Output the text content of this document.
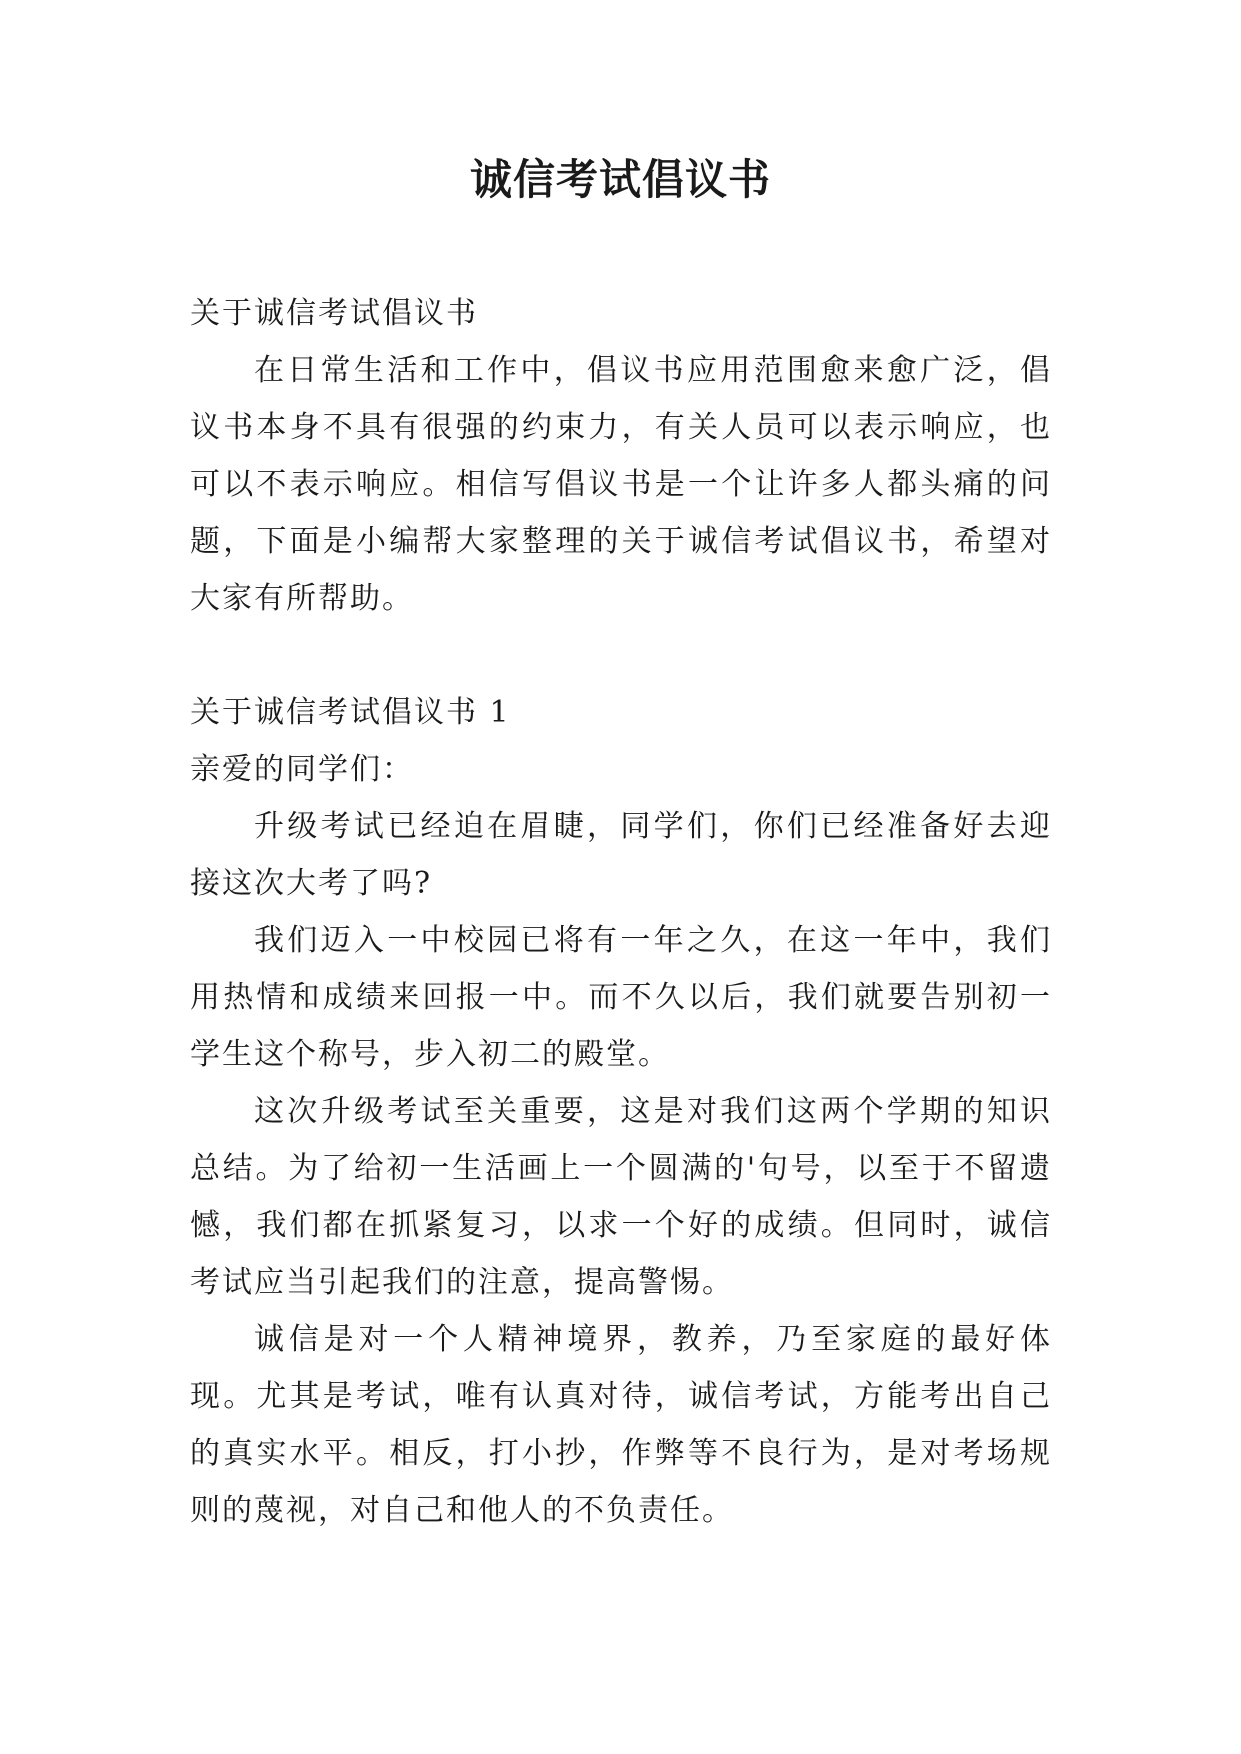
诚信考试倡议书

关于诚信考试倡议书

在日常生活和工作中，倡议书应用范围愈来愈广泛，倡议书本身不具有很强的约束力，有关人员可以表示响应，也可以不表示响应。相信写倡议书是一个让许多人都头痛的问题，下面是小编帮大家整理的关于诚信考试倡议书，希望对大家有所帮助。

关于诚信考试倡议书 1

亲爱的同学们：

升级考试已经迫在眉睫，同学们，你们已经准备好去迎接这次大考了吗?

我们迈入一中校园已将有一年之久，在这一年中，我们用热情和成绩来回报一中。而不久以后，我们就要告别初一学生这个称号，步入初二的殿堂。

这次升级考试至关重要，这是对我们这两个学期的知识总结。为了给初一生活画上一个圆满的'句号，以至于不留遗憾，我们都在抓紧复习，以求一个好的成绩。但同时，诚信考试应当引起我们的注意，提高警惕。

诚信是对一个人精神境界，教养，乃至家庭的最好体现。尤其是考试，唯有认真对待，诚信考试，方能考出自己的真实水平。相反，打小抄，作弊等不良行为，是对考场规则的蔑视，对自己和他人的不负责任。
